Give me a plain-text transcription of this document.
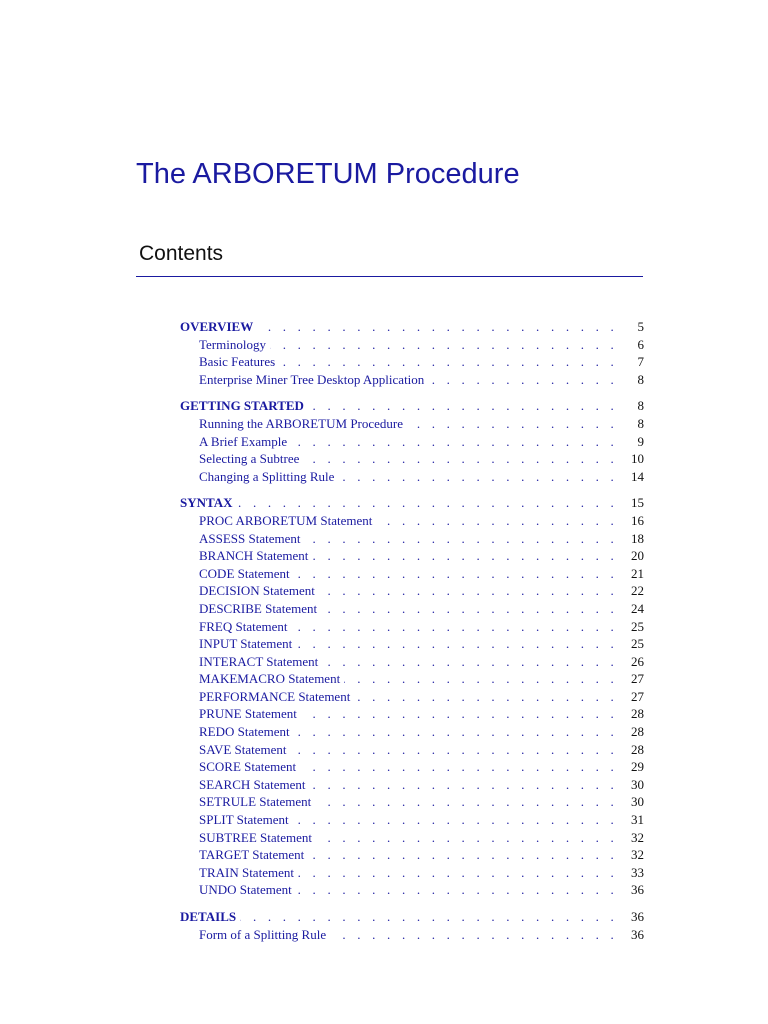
The ARBORETUM Procedure
Contents
OVERVIEW . . .	5
Terminology . . .	6
Basic Features . . .	7
Enterprise Miner Tree Desktop Application . . .	8
GETTING STARTED . . .	8
Running the ARBORETUM Procedure . . .	8
A Brief Example . . .	9
Selecting a Subtree . . .	10
Changing a Splitting Rule . . .	14
SYNTAX . . .	15
PROC ARBORETUM Statement . . .	16
ASSESS Statement . . .	18
BRANCH Statement . . .	20
CODE Statement . . .	21
DECISION Statement . . .	22
DESCRIBE Statement . . .	24
FREQ Statement . . .	25
INPUT Statement . . .	25
INTERACT Statement . . .	26
MAKEMACRO Statement . . .	27
PERFORMANCE Statement . . .	27
PRUNE Statement . . .	28
REDO Statement . . .	28
SAVE Statement . . .	28
SCORE Statement . . .	29
SEARCH Statement . . .	30
SETRULE Statement . . .	30
SPLIT Statement . . .	31
SUBTREE Statement . . .	32
TARGET Statement . . .	32
TRAIN Statement . . .	33
UNDO Statement . . .	36
DETAILS . . .	36
Form of a Splitting Rule . . .	36
